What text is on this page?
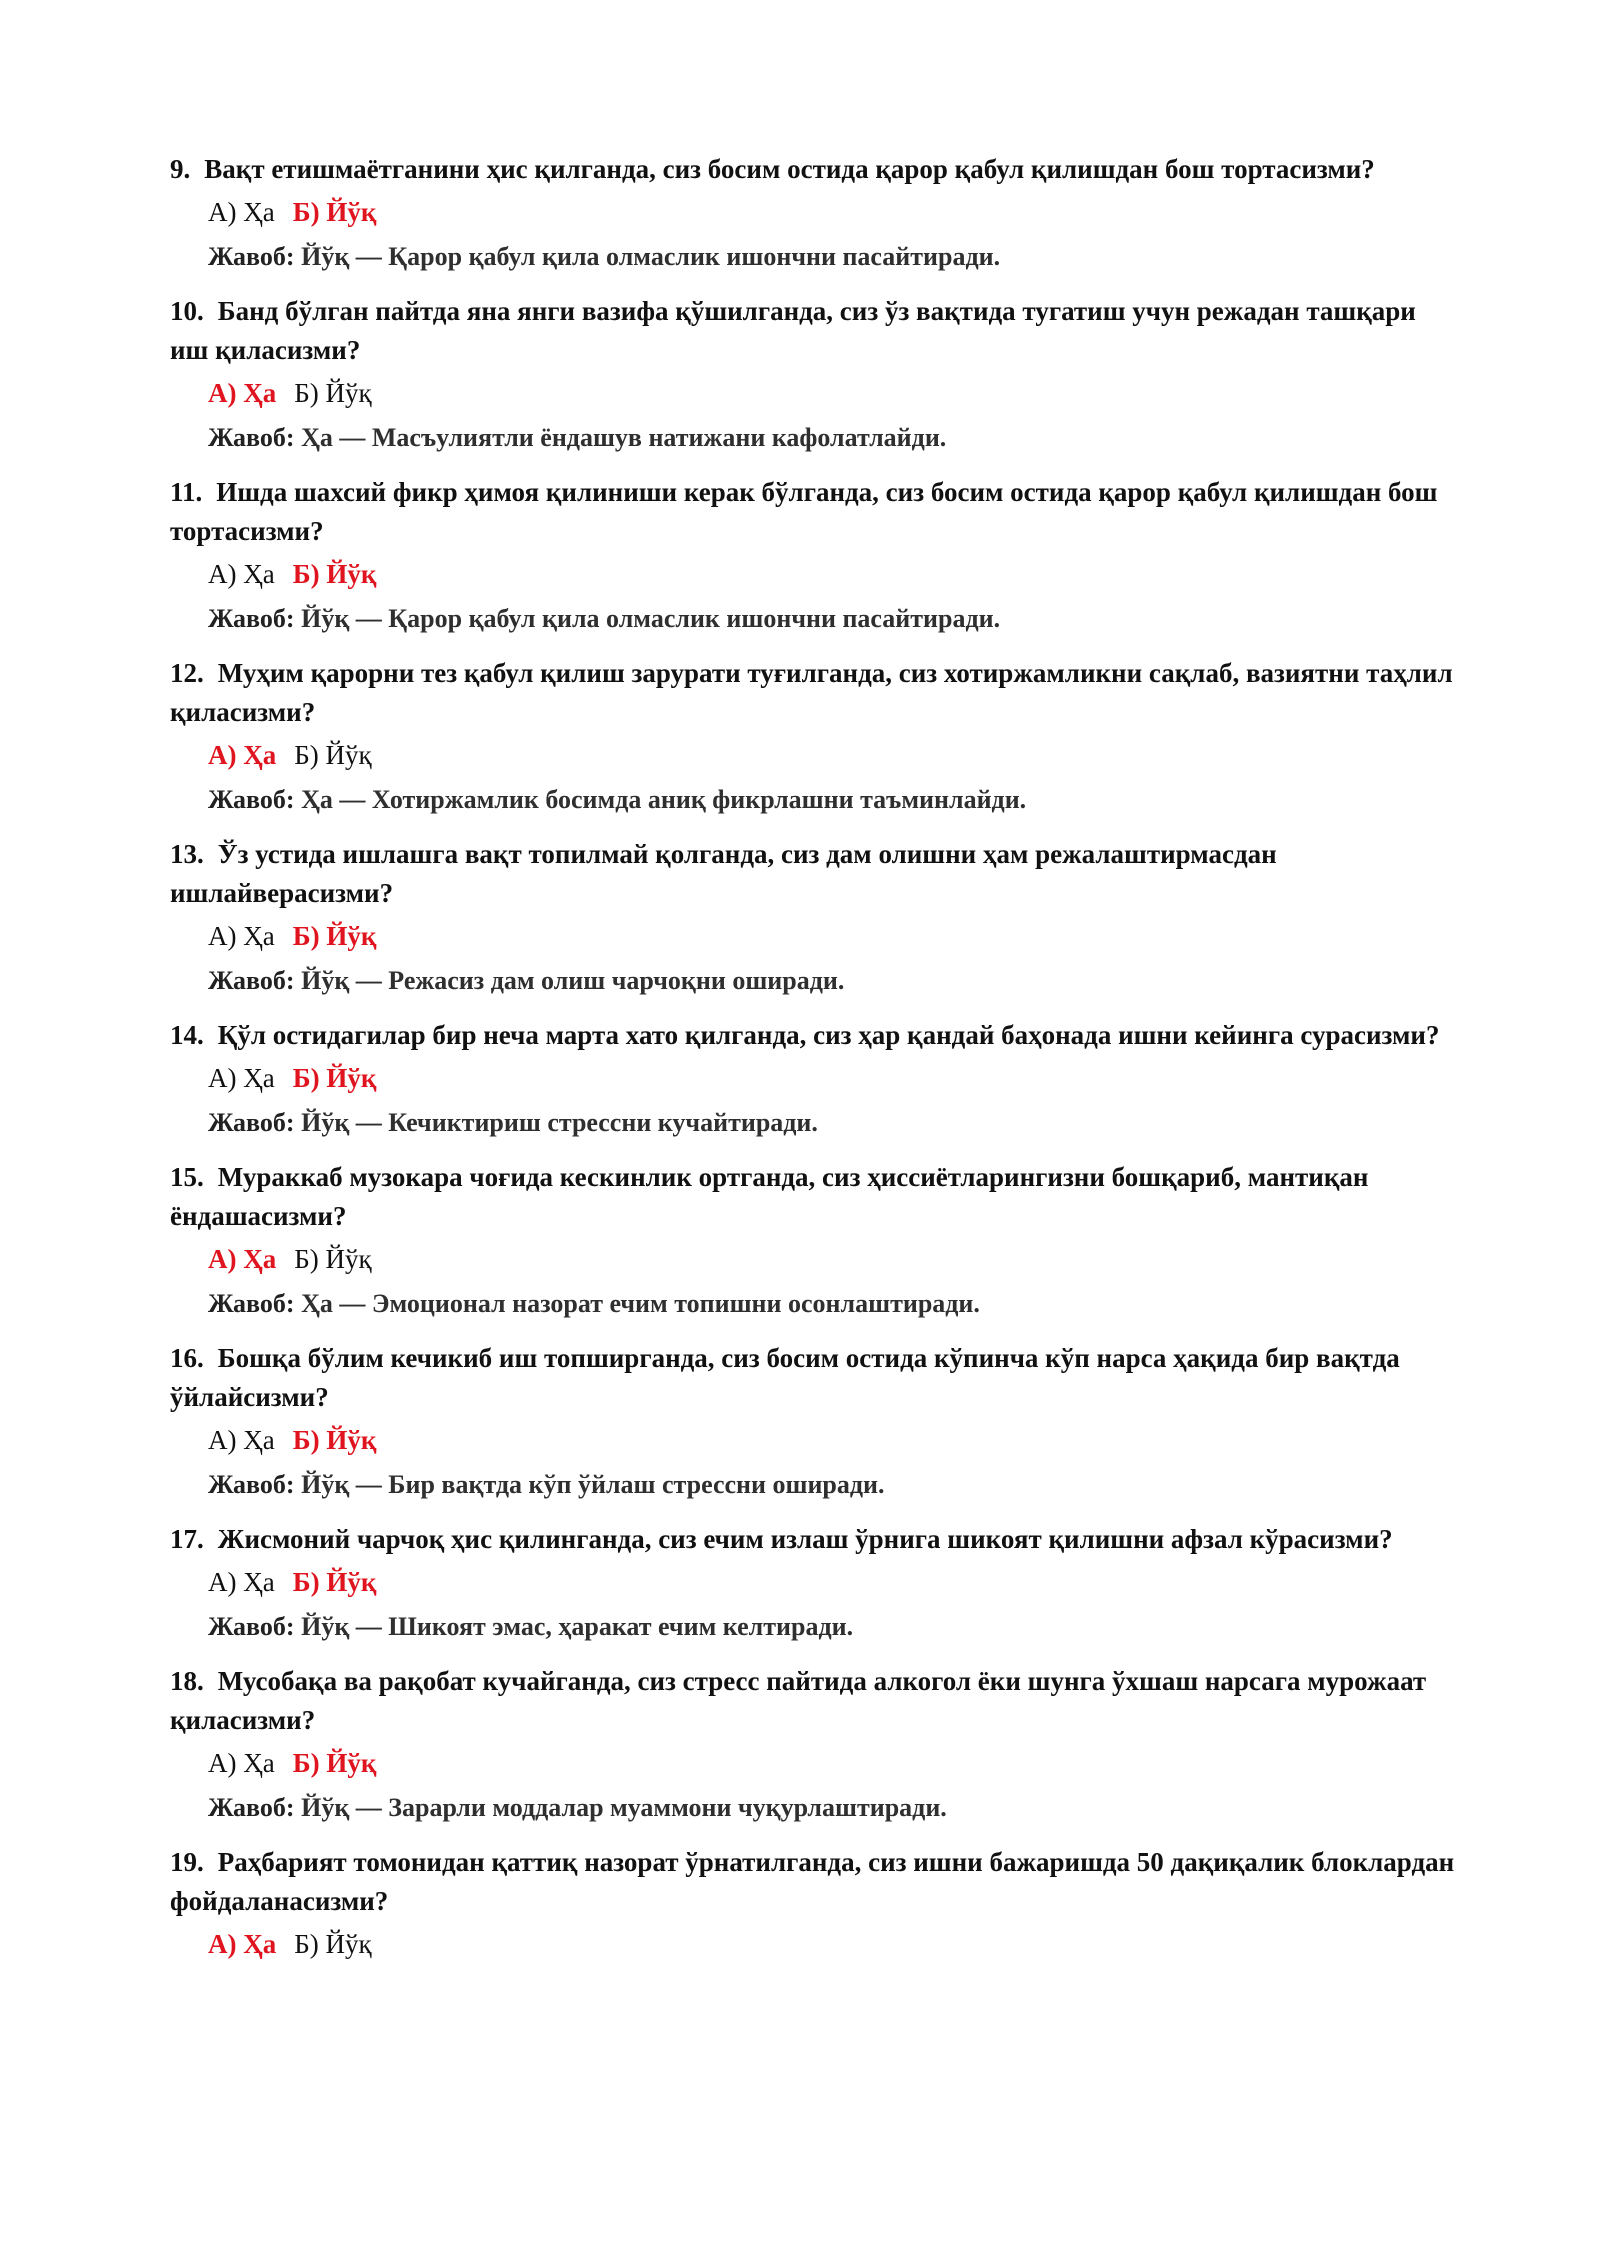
9. Вақт етишмаётганини ҳис қилганда, сиз босим остида қарор қабул қилишдан бош тортасизми?

А) Ҳа Б) Йўқ
Жавоб: Йўқ — Қарор қабул қила олмаслик ишончни пасайтиради.

10. Банд бўлган пайтда яна янги вазифа қўшилганда, сиз ўз вақтида тугатиш учун режадан ташқари иш қиласизми?

А) Ҳа Б) Йўқ
Жавоб: Ҳа — Масъулиятли ёндашув натижани кафолатлайди.

11. Ишда шахсий фикр ҳимоя қилиниши керак бўлганда, сиз босим остида қарор қабул қилишдан бош тортасизми?

А) Ҳа Б) Йўқ
Жавоб: Йўқ — Қарор қабул қила олмаслик ишончни пасайтиради.

12. Муҳим қарорни тез қабул қилиш зарурати туғилганда, сиз хотиржамликни сақлаб, вазиятни таҳлил қиласизми?

А) Ҳа Б) Йўқ
Жавоб: Ҳа — Хотиржамлик босимда аниқ фикрлашни таъминлайди.

13. Ўз устида ишлашга вақт топилмай қолганда, сиз дам олишни ҳам режалаштирмасдан ишлайверасизми?

А) Ҳа Б) Йўқ
Жавоб: Йўқ — Режасиз дам олиш чарчоқни оширади.

14. Қўл остидагилар бир неча марта хато қилганда, сиз ҳар қандай баҳонада ишни кейинга сурасизми?

А) Ҳа Б) Йўқ
Жавоб: Йўқ — Кечиктириш стрессни кучайтиради.

15. Мураккаб музокара чоғида кескинлик ортганда, сиз ҳиссиётларингизни бошқариб, мантиқан ёндашасизми?

А) Ҳа Б) Йўқ
Жавоб: Ҳа — Эмоционал назорат ечим топишни осонлаштиради.

16. Бошқа бўлим кечикиб иш топширганда, сиз босим остида кўпинча кўп нарса ҳақида бир вақтда ўйлайсизми?

А) Ҳа Б) Йўқ
Жавоб: Йўқ — Бир вақтда кўп ўйлаш стрессни оширади.

17. Жисмоний чарчоқ ҳис қилинганда, сиз ечим излаш ўрнига шикоят қилишни афзал кўрасизми?

А) Ҳа Б) Йўқ
Жавоб: Йўқ — Шикоят эмас, ҳаракат ечим келтиради.

18. Мусобақа ва рақобат кучайганда, сиз стресс пайтида алкогол ёки шунга ўхшаш нарсага мурожаат қиласизми?

А) Ҳа Б) Йўқ
Жавоб: Йўқ — Зарарли моддалар муаммони чуқурлаштиради.

19. Раҳбарият томонидан қаттиқ назорат ўрнатилганда, сиз ишни бажаришда 50 дақиқалик блоклардан фойдаланасизми?

А) Ҳа Б) Йўқ
